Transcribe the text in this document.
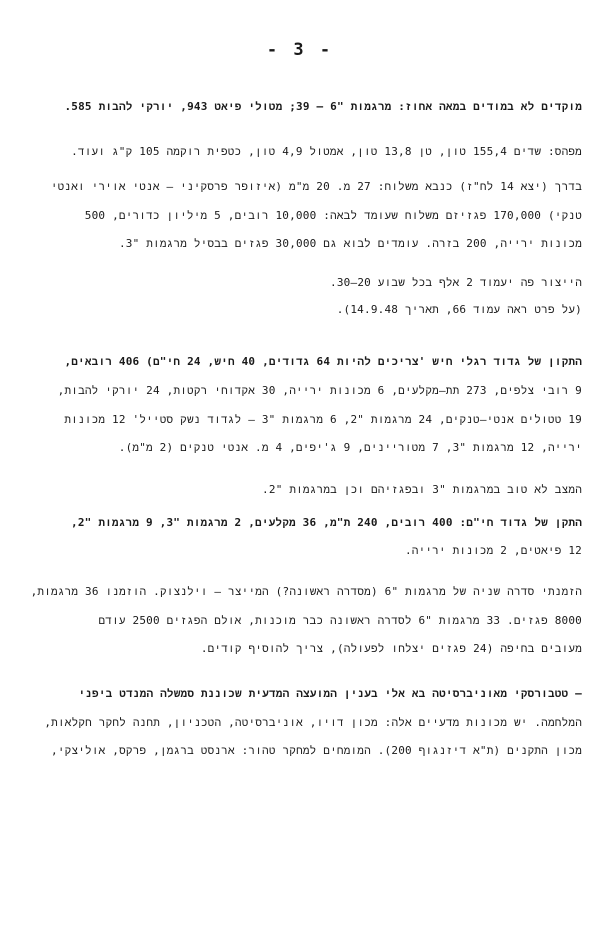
- 3 -
מוקדים לא במודים במאה אחוז: מרגמות "6 – 39; מטולי פיאט 943, יורקי להבות 585.
מפהס: שדים 155,4 טון, טן 13,8 טון, אמטול 4,9 טון, כטפית רוקמה 105 ק"ג ועוד.
בדרך (יצא 14 לח"ז) כנבא משלוח: 27 מ. 20 מ"מ (איזופר פרסקיני – אנטי אוירי ואנטי
טנקי) 170,000 פגזיזם משלוח שעומד לבאה: 10,000 רובים, 5 מיליון כדורים, 500
מכונות ירייה, 200 בזרה. עומדים לבוא גם 30,000 פגזים בבסיל מרגמות "3.
הייצור פה יעמוד 2 אלף בכל שבוע 20–30.
(על פרט ראה עמוד 66, תאריך 14.9.48).
התקון של גדוד רגלי חיש 'צריכים להיות 64 גדודים, 40 חיש, 24 חי"ם) 406 רובאים,
9 רובי צלפים, 273 תת–מקלעים, 6 מכונות ירייה, 30 אקדוחי רקטות, 24 יורקי להבות,
19 טטולים אנטי–טנקים, 24 מרגמות "2, 6 מרגמות "3 – לגדוד נשק סטייל' 12 מכונות
ירייה, 12 מרגמות "3, 7 מטוריינים, 9 ג'יפים, 4 מ. אנטי טנקים (2 מ"מ).
המצב לא טוב במרגמות "3 ובפגזיהם וכן במרגמות "2.
התקן של גדוד חי"ם: 400 רובים, 240 ת"מ, 36 מקלעים, 2 מרגמות "3, 9 מרגמות "2,
12 פיאטים, 2 מכונות ירייה.
הזמנתי סדרה שניה של מרגמות "6 (מסדרה ראשונה?) המייצר – וילנצוק. הוזמנו 36 מרגמות,
8000 פגזים. 33 מרגמות "6 לסדרה ראשונה כבר מוכנות, אולם הפגזים 2500 עודם
מעובים בחיפה (24 פגזים יצלחו לפעולה), צריך להוסיף קודים.
– טטבורסקי מאוניברסיטה בא אלי בענין המועצה המדעית שכוננת סמשלה המנדט ביפני
המלחמה. יש מכונות מדעיים אלה: מכון דויו, אוניברסיטה, הטכניון, תחנה לחקר חקלאות,
מכון התקנים (ת"א דיזנגוף 200). המומחים למחקר טהור: ארנסט ברגמן, פרקס, אוליצקי,
